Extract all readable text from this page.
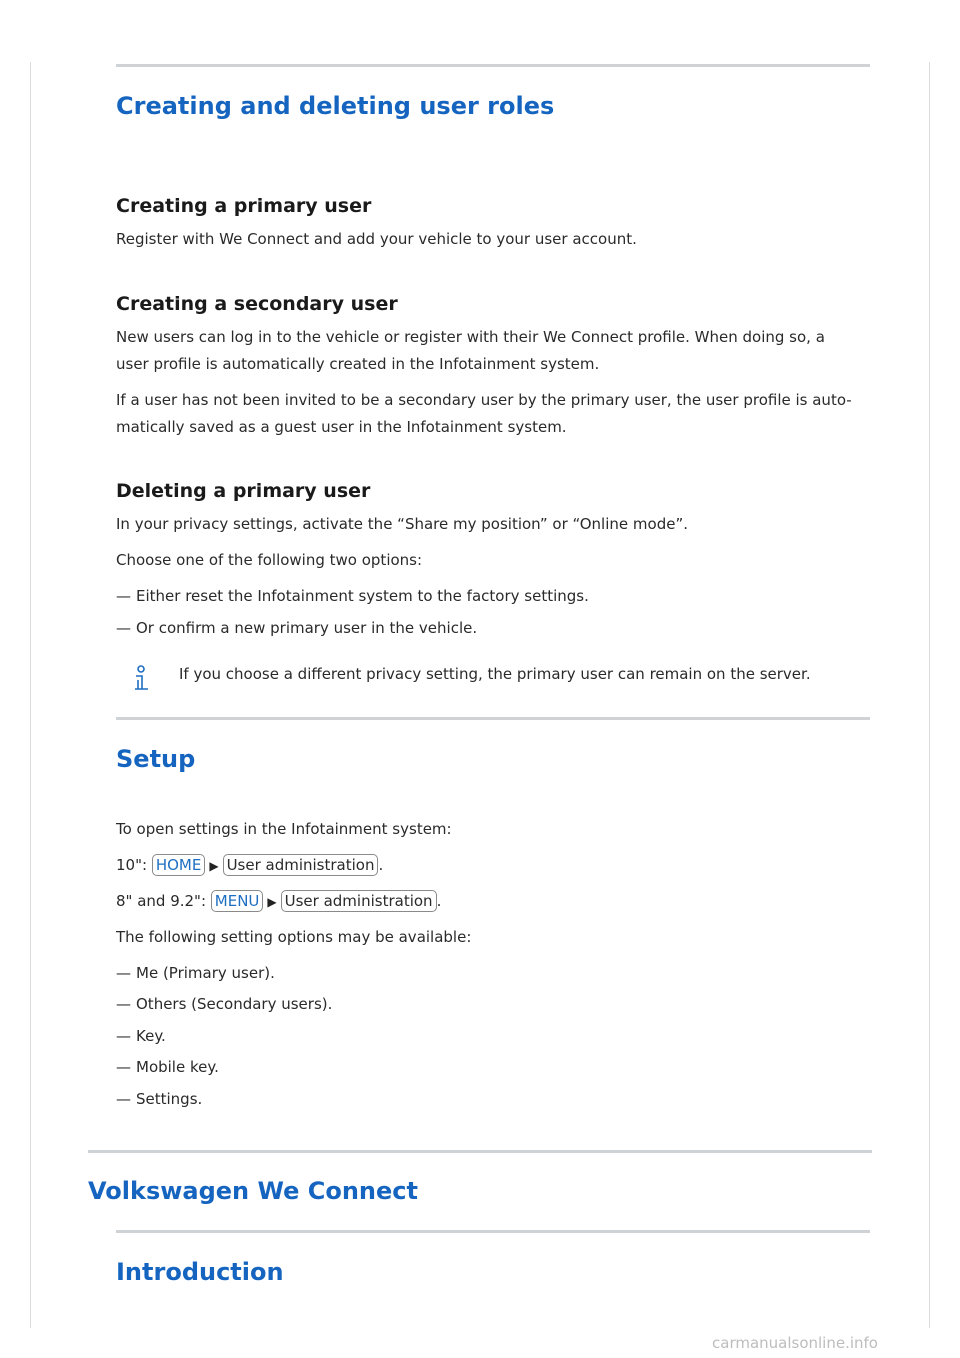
Creating and deleting user roles
Creating a primary user

Register with We Connect and add your vehicle to your user account.

Creating a secondary user

New users can log in to the vehicle or register with their We Connect profile. When doing so, a

user profile is automatically created in the Infotainment system.

If a user has not been invited to be a secondary user by the primary user, the user profile is auto-

matically saved as a guest user in the Infotainment system.

Deleting a primary user

In your privacy settings, activate the “Share my position” or “Online mode”.

Choose one of the following two options:

— Either reset the Infotainment system to the factory settings.

— Or confirm a new primary user in the vehicle.

If you choose a different privacy setting, the primary user can remain on the server.

Setup

To open settings in the Infotainment system:

10": HOME ▶ User administration .

8" and 9.2": MENU ▶ User administration .

The following setting options may be available:

— Me (Primary user).

— Others (Secondary users).

— Key.

— Mobile key.

— Settings.

Volkswagen We Connect
Introduction
carmanualsonline.info
